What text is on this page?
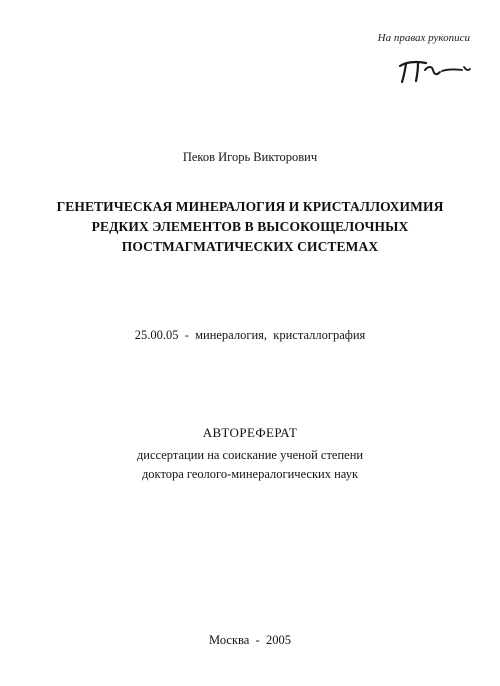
На правах рукописи
Пеков Игорь Викторович
ГЕНЕТИЧЕСКАЯ МИНЕРАЛОГИЯ И КРИСТАЛЛОХИМИЯ
РЕДКИХ ЭЛЕМЕНТОВ В ВЫСОКОЩЕЛОЧНЫХ
ПОСТМАГМАТИЧЕСКИХ СИСТЕМАХ
25.00.05  -  минералогия,  кристаллография
АВТОРЕФЕРАТ
диссертации на соискание ученой степени
доктора геолого-минералогических наук
Москва  -  2005
